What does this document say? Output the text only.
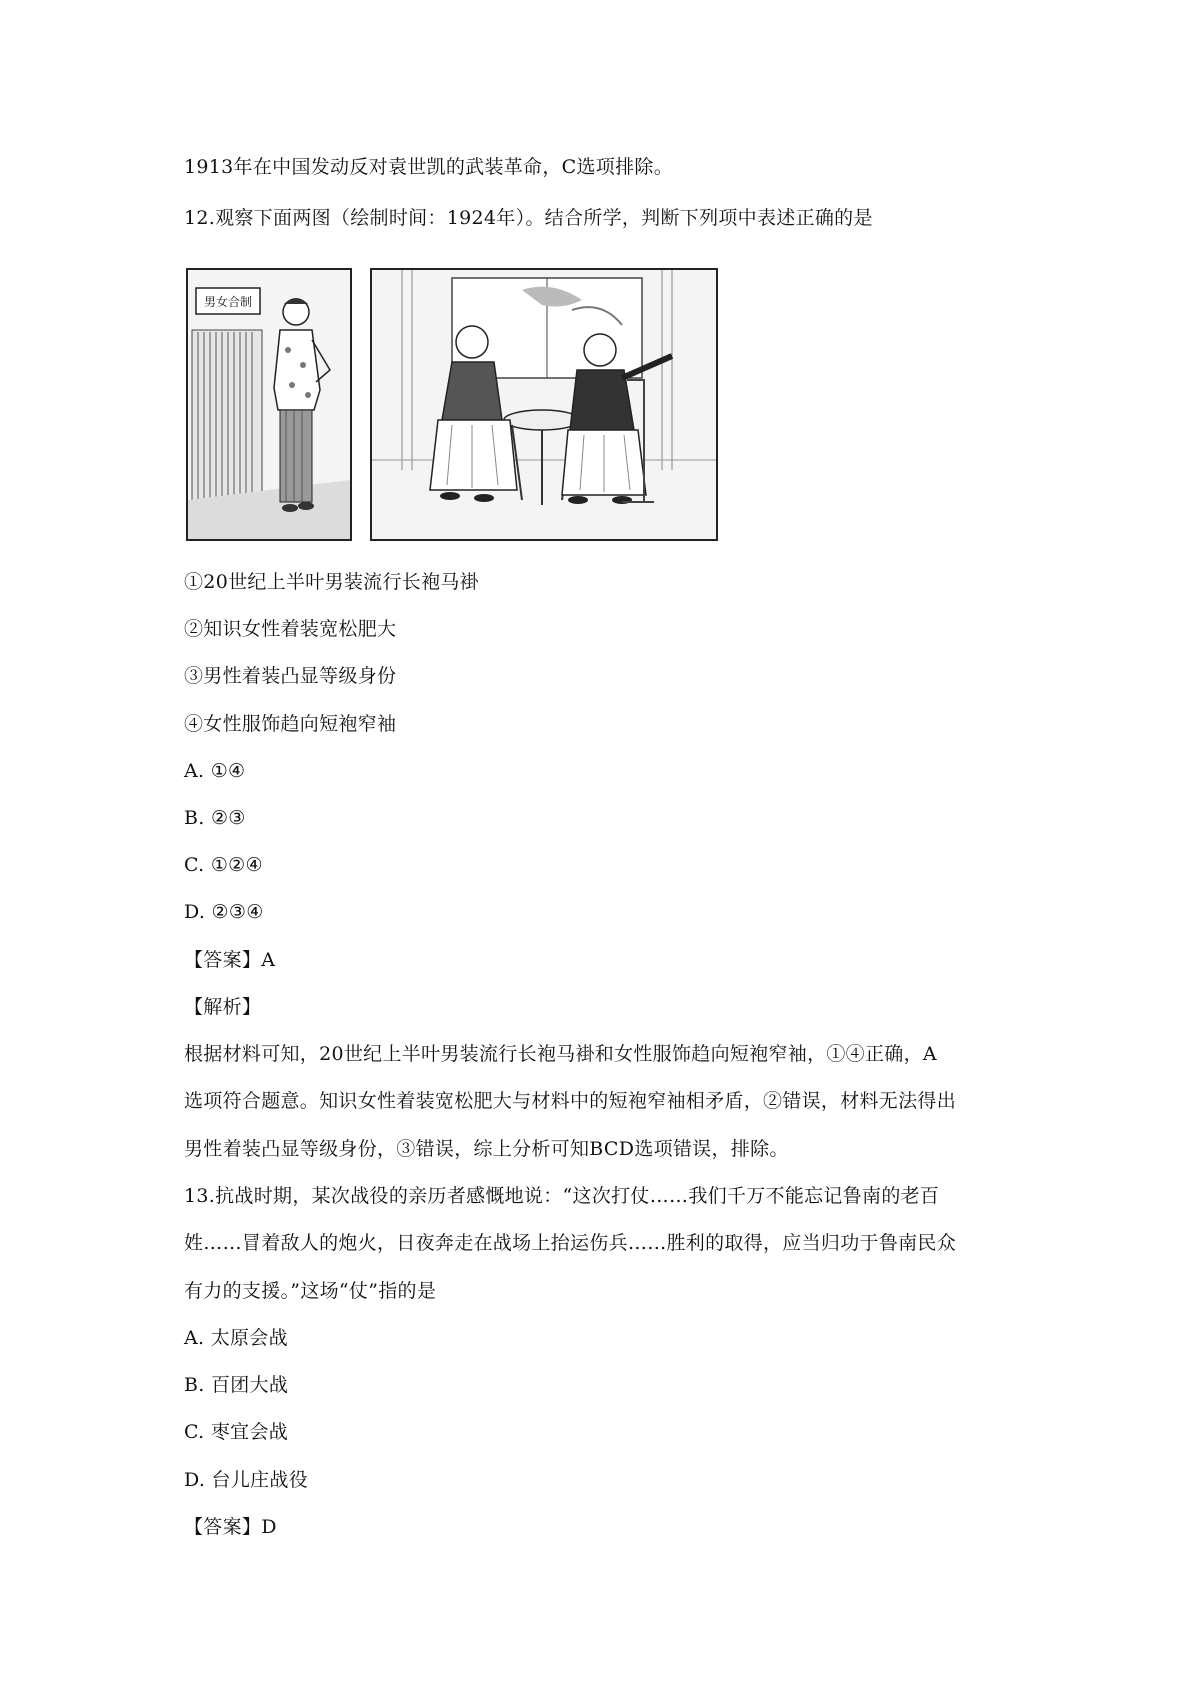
1913年在中国发动反对袁世凯的武装革命，C选项排除。
12.观察下面两图（绘制时间：1924年）。结合所学，判断下列项中表述正确的是
男女合制
①20世纪上半叶男装流行长袍马褂
②知识女性着装宽松肥大
③男性着装凸显等级身份
④女性服饰趋向短袍窄袖
A. ①④
B. ②③
C. ①②④
D. ②③④
【答案】A
【解析】
根据材料可知，20世纪上半叶男装流行长袍马褂和女性服饰趋向短袍窄袖，①④正确，A
选项符合题意。知识女性着装宽松肥大与材料中的短袍窄袖相矛盾，②错误，材料无法得出
男性着装凸显等级身份，③错误，综上分析可知BCD选项错误，排除。
13.抗战时期，某次战役的亲历者感慨地说：“这次打仗……我们千万不能忘记鲁南的老百
姓……冒着敌人的炮火，日夜奔走在战场上抬运伤兵……胜利的取得，应当归功于鲁南民众
有力的支援。”这场“仗”指的是
A. 太原会战
B. 百团大战
C. 枣宜会战
D. 台儿庄战役
【答案】D
